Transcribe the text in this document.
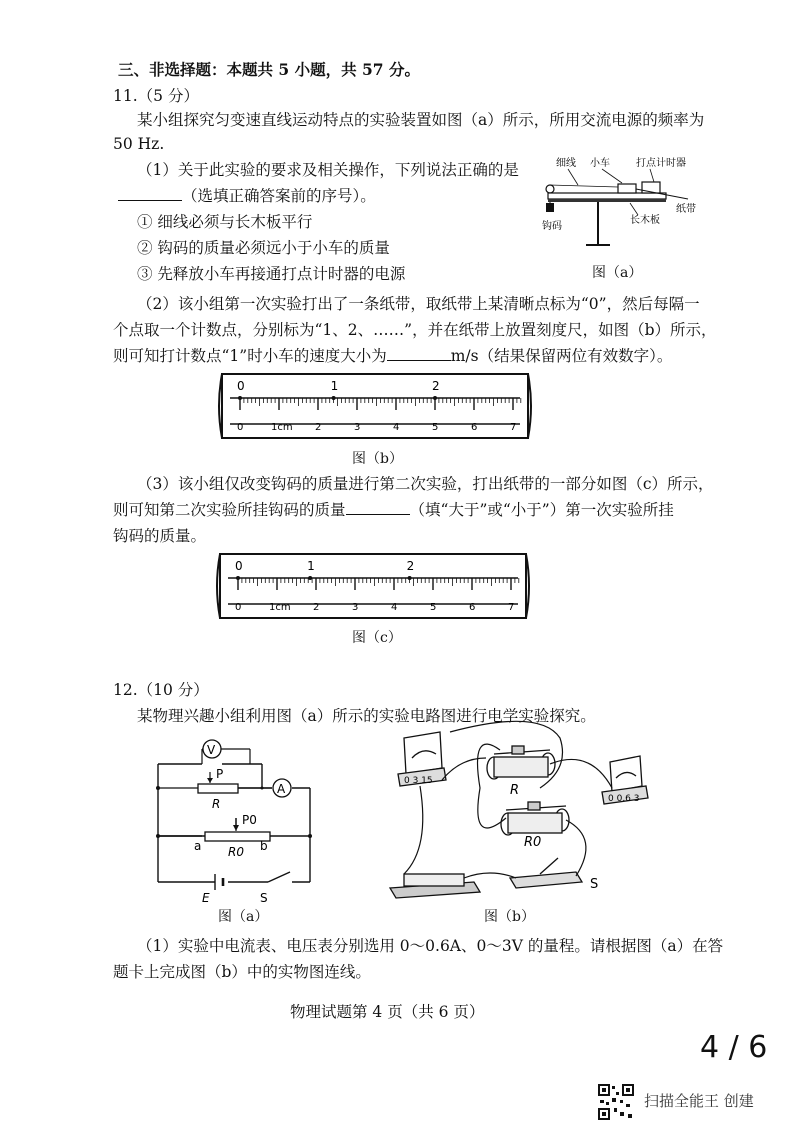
三、非选择题：本题共 5 小题，共 57 分。
11.（5 分）
某小组探究匀变速直线运动特点的实验装置如图（a）所示，所用交流电源的频率为
50 Hz.
（1）关于此实验的要求及相关操作，下列说法正确的是
（选填正确答案前的序号）。
① 细线必须与长木板平行
② 钩码的质量必须远小于小车的质量
③ 先释放小车再接通打点计时器的电源
细线 小车	打点计时器
纸带
长木板
钩码
图（a）
（2）该小组第一次实验打出了一条纸带，取纸带上某清晰点标为“0”，然后每隔一
个点取一个计数点，分别标为“1、2、……”，并在纸带上放置刻度尺，如图（b）所示，
则可知打计数点“1”时小车的速度大小为	m/s（结果保留两位有效数字）。
0	1cm 2	3	4	5	6	7
0	1	2
图（b）
（3）该小组仅改变钩码的质量进行第二次实验，打出纸带的一部分如图（c）所示，
则可知第二次实验所挂钩码的质量	（填“大于”或“小于”）第一次实验所挂
钩码的质量。
0	1cm 2	3	4	5	6	7
0	1	2
图（c）
12.（10 分）
某物理兴趣小组利用图（a）所示的实验电路图进行电学实验探究。
V
P
R
A
P0
a R0 b
E	S
图（a）
0 3 15
0 0.6 3
R
R0
S
图（b）
（1）实验中电流表、电压表分别选用 0～0.6A、0～3V 的量程。请根据图（a）在答
题卡上完成图（b）中的实物图连线。
物理试题第 4 页（共 6 页）
4 / 6
扫描全能王 创建
